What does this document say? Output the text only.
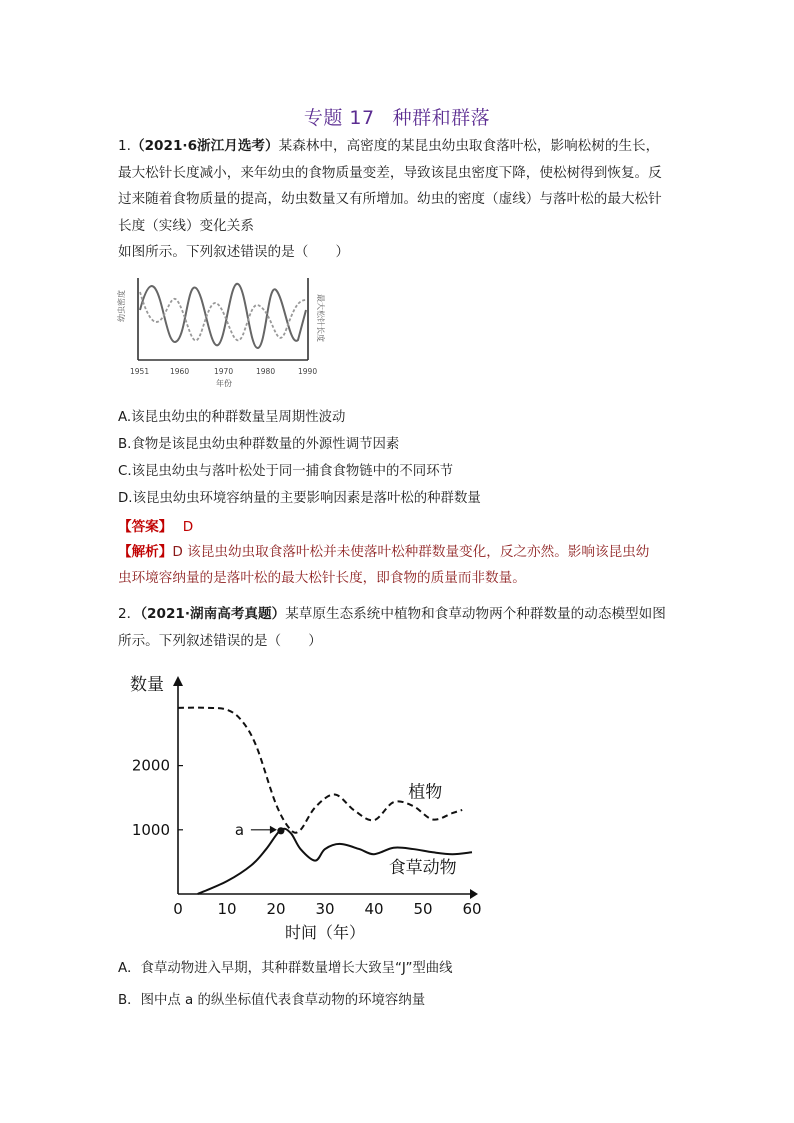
专题 17 种群和群落
1.（2021·6浙江月选考）某森林中，高密度的某昆虫幼虫取食落叶松，影响松树的生长，
最大松针长度减小，来年幼虫的食物质量变差，导致该昆虫密度下降，使松树得到恢复。反
过来随着食物质量的提高，幼虫数量又有所增加。幼虫的密度（虚线）与落叶松的最大松针
长度（实线）变化关系
如图所示。下列叙述错误的是（　　）
幼虫密度	最大松针长度
1951	1960	1970	1980	1990
年份
A.该昆虫幼虫的种群数量呈周期性波动
B.食物是该昆虫幼虫种群数量的外源性调节因素
C.该昆虫幼虫与落叶松处于同一捕食食物链中的不同环节
D.该昆虫幼虫环境容纳量的主要影响因素是落叶松的种群数量
【答案】 D
【解析】D 该昆虫幼虫取食落叶松并未使落叶松种群数量变化，反之亦然。影响该昆虫幼
虫环境容纳量的是落叶松的最大松针长度，即食物的质量而非数量。
2．（2021·湖南高考真题）某草原生态系统中植物和食草动物两个种群数量的动态模型如图
所示。下列叙述错误的是（　　）
数量
0 10 20 30 40 50 60
1000
2000
时间（年）
植物
食草动物
a
A．食草动物进入早期，其种群数量增长大致呈“J”型曲线
B．图中点 a 的纵坐标值代表食草动物的环境容纳量
